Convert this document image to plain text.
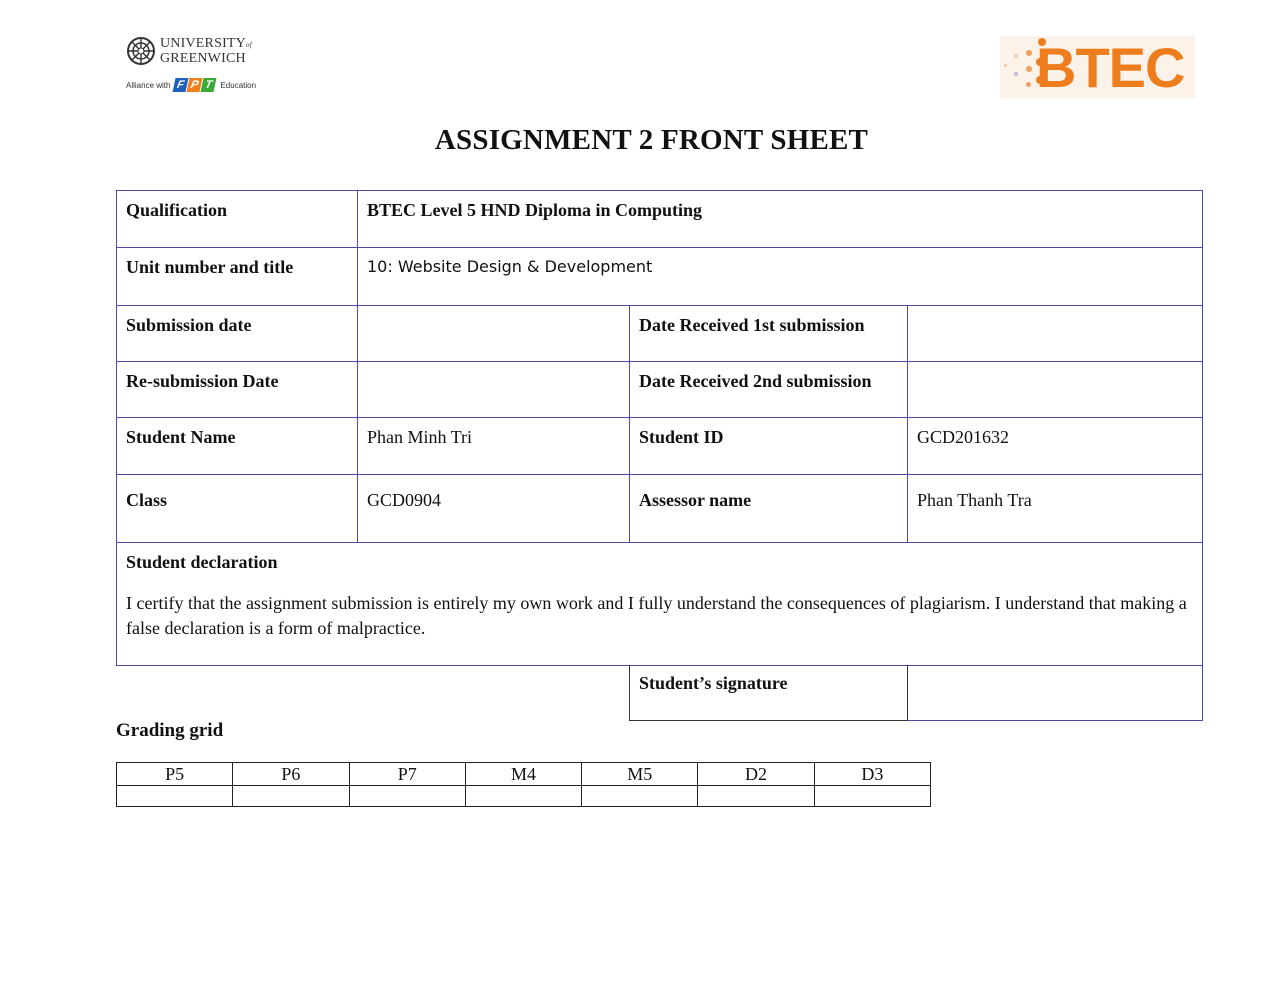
UNIVERSITYof
GREENWICH
Alliance with F P T Education	BTEC
ASSIGNMENT 2 FRONT SHEET
Qualification	BTEC Level 5 HND Diploma in Computing		
Unit number and title	10: Website Design & Development		
Submission date		Date Received 1st submission	
Re-submission Date		Date Received 2nd submission	
Student Name	Phan Minh Tri	Student ID	GCD201632
Class	GCD0904	Assessor name	Phan Thanh Tra

Student declaration
I certify that the assignment submission is entirely my own work and I fully understand the consequences of plagiarism. I understand that making a false declaration is a form of malpractice.			
Student’s signature	
Grading grid
P5	P6	P7	M4	M5	D2	D3
